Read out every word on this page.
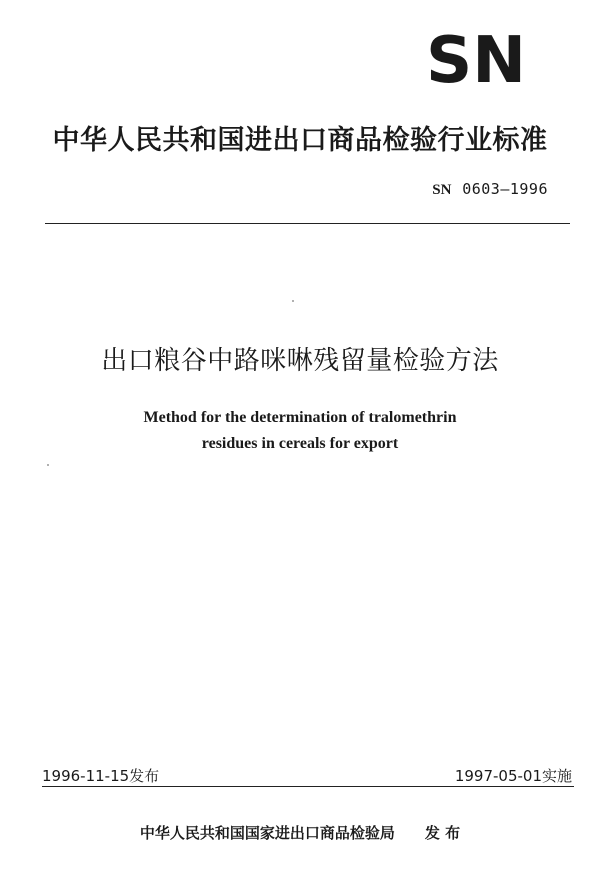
SN
中华人民共和国进出口商品检验行业标准
SN 0603—1996
出口粮谷中路咪啉残留量检验方法
Method for the determination of tralomethrin
residues in cereals for export
1996-11-15发布	1997-05-01实施
中华人民共和国国家进出口商品检验局　　发 布
